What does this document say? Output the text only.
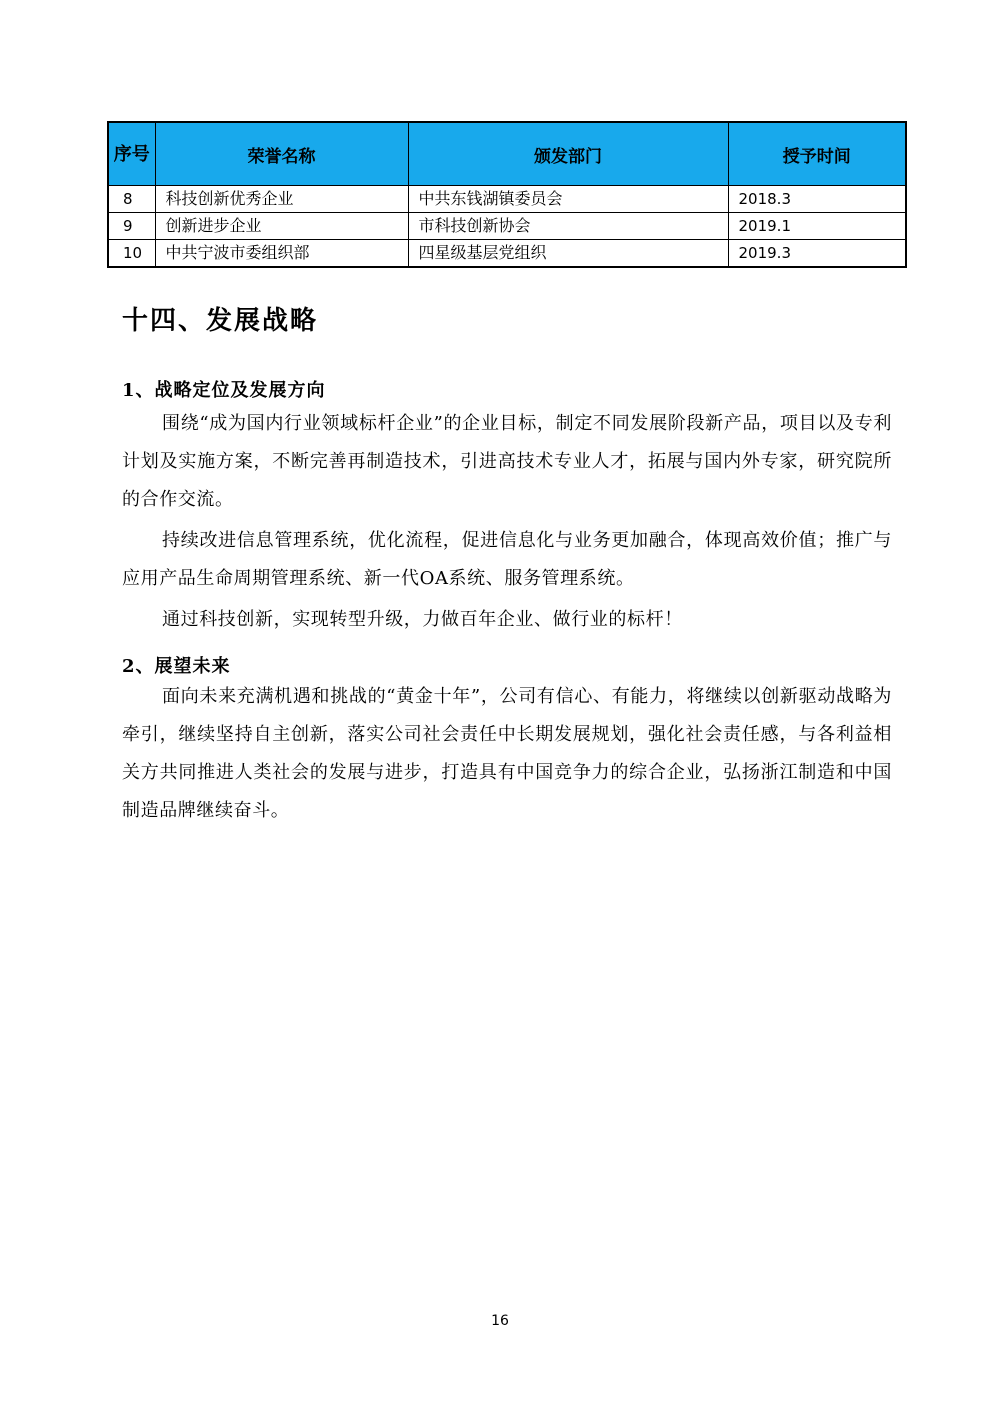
序号	荣誉名称	颁发部门	授予时间
8	科技创新优秀企业	中共东钱湖镇委员会	2018.3
9	创新进步企业	市科技创新协会	2019.1
10	中共宁波市委组织部	四星级基层党组织	2019.3
十四、发展战略
1、战略定位及发展方向

围绕“成为国内行业领域标杆企业”的企业目标，制定不同发展阶段新产品，项目以及专利计划及实施方案，不断完善再制造技术，引进高技术专业人才，拓展与国内外专家，研究院所的合作交流。

持续改进信息管理系统，优化流程，促进信息化与业务更加融合，体现高效价值；推广与应用产品生命周期管理系统、新一代OA系统、服务管理系统。

通过科技创新，实现转型升级，力做百年企业、做行业的标杆！

2、展望未来

面向未来充满机遇和挑战的“黄金十年”，公司有信心、有能力，将继续以创新驱动战略为牵引，继续坚持自主创新，落实公司社会责任中长期发展规划，强化社会责任感，与各利益相关方共同推进人类社会的发展与进步，打造具有中国竞争力的综合企业，弘扬浙江制造和中国制造品牌继续奋斗。

16
